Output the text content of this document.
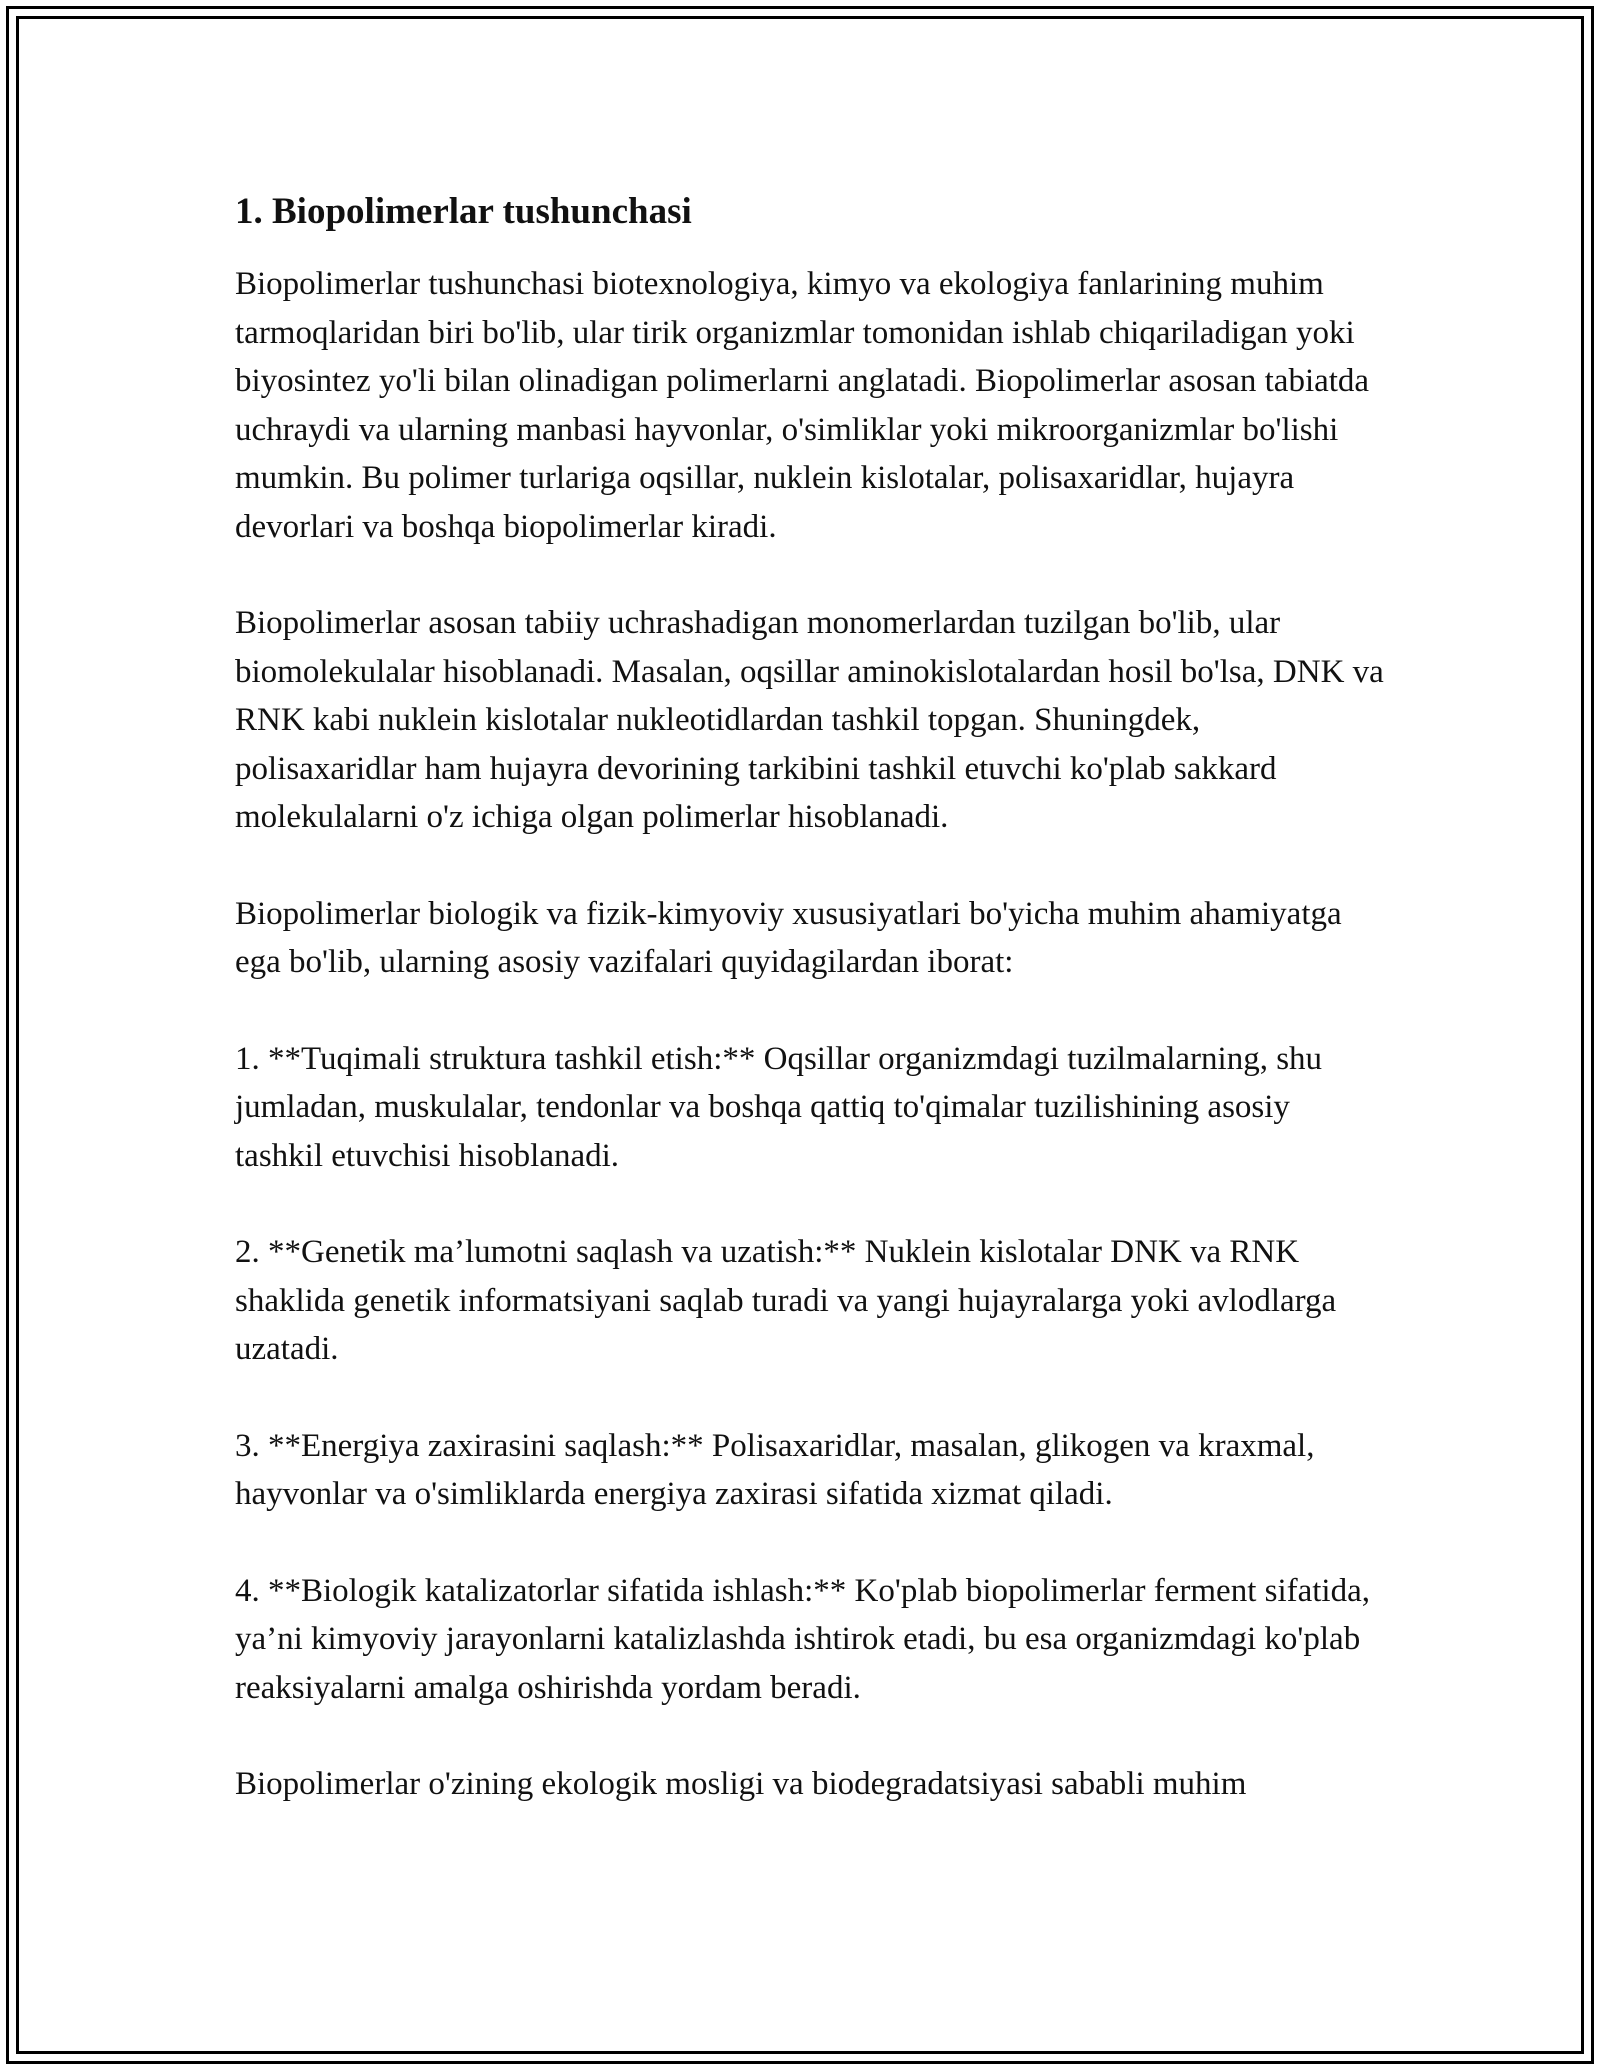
1. Biopolimerlar tushunchasi

Biopolimerlar tushunchasi biotexnologiya, kimyo va ekologiya fanlarining muhim tarmoqlaridan biri bo'lib, ular tirik organizmlar tomonidan ishlab chiqariladigan yoki biyosintez yo'li bilan olinadigan polimerlarni anglatadi. Biopolimerlar asosan tabiatda uchraydi va ularning manbasi hayvonlar, o'simliklar yoki mikroorganizmlar bo'lishi mumkin. Bu polimer turlariga oqsillar, nuklein kislotalar, polisaxaridlar, hujayra devorlari va boshqa biopolimerlar kiradi.

Biopolimerlar asosan tabiiy uchrashadigan monomerlardan tuzilgan bo'lib, ular biomolekulalar hisoblanadi. Masalan, oqsillar aminokislotalardan hosil bo'lsa, DNK va RNK kabi nuklein kislotalar nukleotidlardan tashkil topgan. Shuningdek, polisaxaridlar ham hujayra devorining tarkibini tashkil etuvchi ko'plab sakkard molekulalarni o'z ichiga olgan polimerlar hisoblanadi.

Biopolimerlar biologik va fizik-kimyoviy xususiyatlari bo'yicha muhim ahamiyatga ega bo'lib, ularning asosiy vazifalari quyidagilardan iborat:

1. **Tuqimali struktura tashkil etish:** Oqsillar organizmdagi tuzilmalarning, shu jumladan, muskulalar, tendonlar va boshqa qattiq to'qimalar tuzilishining asosiy tashkil etuvchisi hisoblanadi.

2. **Genetik ma’lumotni saqlash va uzatish:** Nuklein kislotalar DNK va RNK shaklida genetik informatsiyani saqlab turadi va yangi hujayralarga yoki avlodlarga uzatadi.

3. **Energiya zaxirasini saqlash:** Polisaxaridlar, masalan, glikogen va kraxmal, hayvonlar va o'simliklarda energiya zaxirasi sifatida xizmat qiladi.

4. **Biologik katalizatorlar sifatida ishlash:** Ko'plab biopolimerlar ferment sifatida, ya’ni kimyoviy jarayonlarni katalizlashda ishtirok etadi, bu esa organizmdagi ko'plab reaksiyalarni amalga oshirishda yordam beradi.

Biopolimerlar o'zining ekologik mosligi va biodegradatsiyasi sababli muhim
